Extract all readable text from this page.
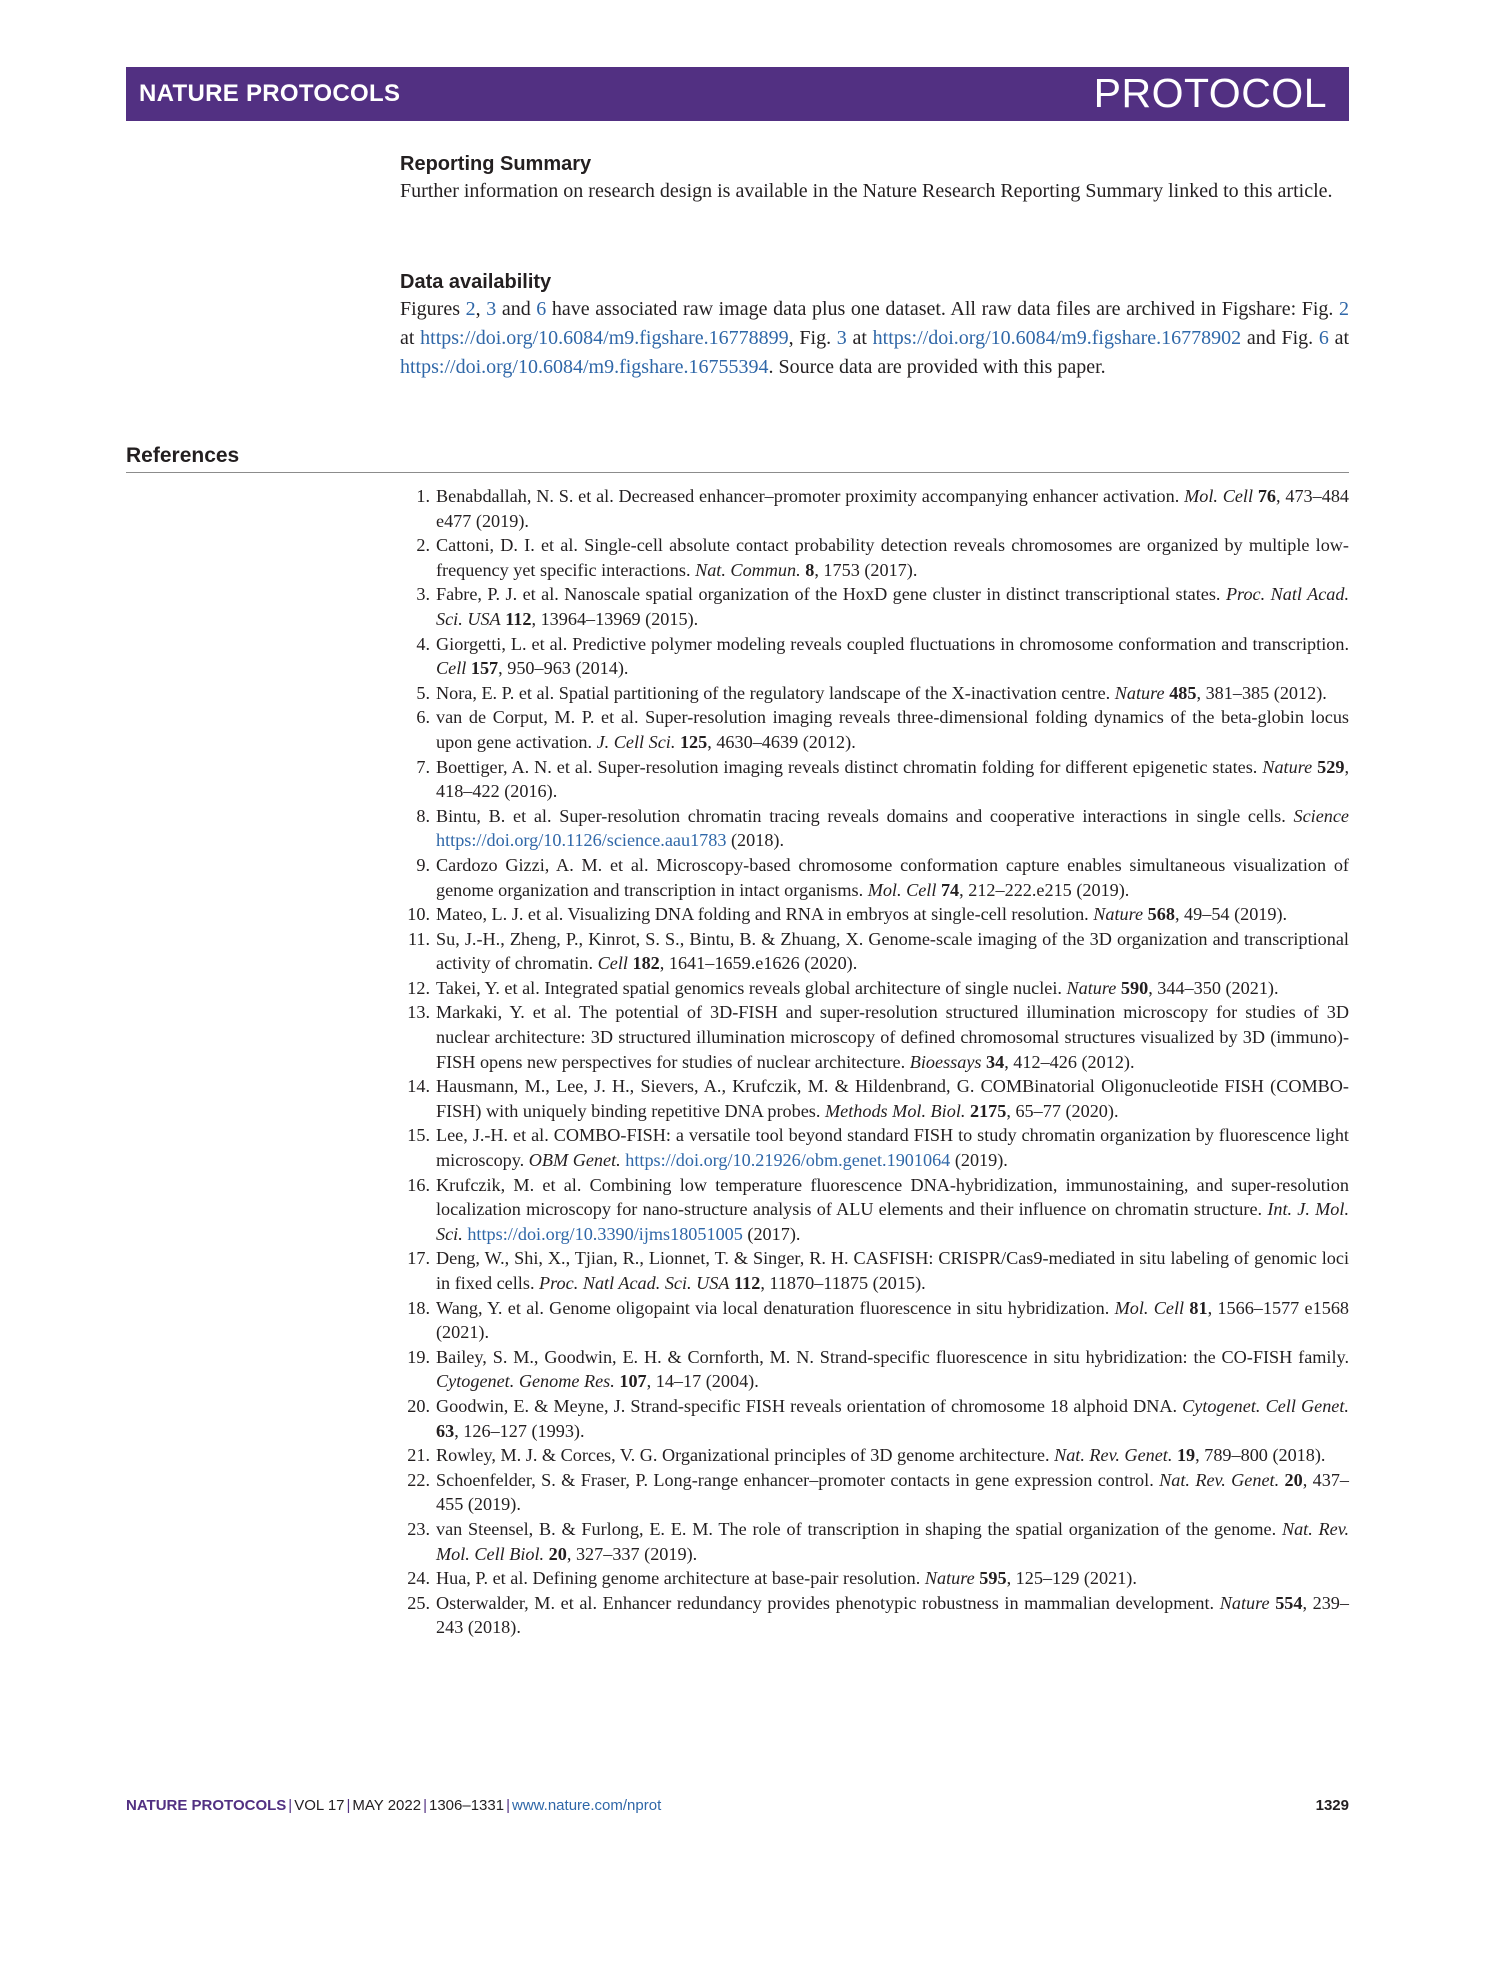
NATURE PROTOCOLS	PROTOCOL
Reporting Summary

Further information on research design is available in the Nature Research Reporting Summary linked to this article.

Data availability

Figures 2, 3 and 6 have associated raw image data plus one dataset. All raw data files are archived in Figshare: Fig. 2 at https://doi.org/10.6084/m9.figshare.16778899, Fig. 3 at https://doi.org/10.6084/m9.figshare.16778902 and Fig. 6 at https://doi.org/10.6084/m9.figshare.16755394. Source data are provided with this paper.

References
1. Benabdallah, N. S. et al. Decreased enhancer–promoter proximity accompanying enhancer activation. Mol. Cell 76, 473–484 e477 (2019).
2. Cattoni, D. I. et al. Single-cell absolute contact probability detection reveals chromosomes are organized by multiple low-frequency yet specific interactions. Nat. Commun. 8, 1753 (2017).
3. Fabre, P. J. et al. Nanoscale spatial organization of the HoxD gene cluster in distinct transcriptional states. Proc. Natl Acad. Sci. USA 112, 13964–13969 (2015).
4. Giorgetti, L. et al. Predictive polymer modeling reveals coupled fluctuations in chromosome conformation and transcription. Cell 157, 950–963 (2014).
5. Nora, E. P. et al. Spatial partitioning of the regulatory landscape of the X-inactivation centre. Nature 485, 381–385 (2012).
6. van de Corput, M. P. et al. Super-resolution imaging reveals three-dimensional folding dynamics of the beta-globin locus upon gene activation. J. Cell Sci. 125, 4630–4639 (2012).
7. Boettiger, A. N. et al. Super-resolution imaging reveals distinct chromatin folding for different epigenetic states. Nature 529, 418–422 (2016).
8. Bintu, B. et al. Super-resolution chromatin tracing reveals domains and cooperative interactions in single cells. Science https://doi.org/10.1126/science.aau1783 (2018).
9. Cardozo Gizzi, A. M. et al. Microscopy-based chromosome conformation capture enables simultaneous visualization of genome organization and transcription in intact organisms. Mol. Cell 74, 212–222.e215 (2019).
10. Mateo, L. J. et al. Visualizing DNA folding and RNA in embryos at single-cell resolution. Nature 568, 49–54 (2019).
11. Su, J.-H., Zheng, P., Kinrot, S. S., Bintu, B. & Zhuang, X. Genome-scale imaging of the 3D organization and transcriptional activity of chromatin. Cell 182, 1641–1659.e1626 (2020).
12. Takei, Y. et al. Integrated spatial genomics reveals global architecture of single nuclei. Nature 590, 344–350 (2021).
13. Markaki, Y. et al. The potential of 3D-FISH and super-resolution structured illumination microscopy for studies of 3D nuclear architecture: 3D structured illumination microscopy of defined chromosomal structures visualized by 3D (immuno)-FISH opens new perspectives for studies of nuclear architecture. Bioessays 34, 412–426 (2012).
14. Hausmann, M., Lee, J. H., Sievers, A., Krufczik, M. & Hildenbrand, G. COMBinatorial Oligonucleotide FISH (COMBO-FISH) with uniquely binding repetitive DNA probes. Methods Mol. Biol. 2175, 65–77 (2020).
15. Lee, J.-H. et al. COMBO-FISH: a versatile tool beyond standard FISH to study chromatin organization by fluorescence light microscopy. OBM Genet. https://doi.org/10.21926/obm.genet.1901064 (2019).
16. Krufczik, M. et al. Combining low temperature fluorescence DNA-hybridization, immunostaining, and super-resolution localization microscopy for nano-structure analysis of ALU elements and their influence on chromatin structure. Int. J. Mol. Sci. https://doi.org/10.3390/ijms18051005 (2017).
17. Deng, W., Shi, X., Tjian, R., Lionnet, T. & Singer, R. H. CASFISH: CRISPR/Cas9-mediated in situ labeling of genomic loci in fixed cells. Proc. Natl Acad. Sci. USA 112, 11870–11875 (2015).
18. Wang, Y. et al. Genome oligopaint via local denaturation fluorescence in situ hybridization. Mol. Cell 81, 1566–1577 e1568 (2021).
19. Bailey, S. M., Goodwin, E. H. & Cornforth, M. N. Strand-specific fluorescence in situ hybridization: the CO-FISH family. Cytogenet. Genome Res. 107, 14–17 (2004).
20. Goodwin, E. & Meyne, J. Strand-specific FISH reveals orientation of chromosome 18 alphoid DNA. Cytogenet. Cell Genet. 63, 126–127 (1993).
21. Rowley, M. J. & Corces, V. G. Organizational principles of 3D genome architecture. Nat. Rev. Genet. 19, 789–800 (2018).
22. Schoenfelder, S. & Fraser, P. Long-range enhancer–promoter contacts in gene expression control. Nat. Rev. Genet. 20, 437–455 (2019).
23. van Steensel, B. & Furlong, E. E. M. The role of transcription in shaping the spatial organization of the genome. Nat. Rev. Mol. Cell Biol. 20, 327–337 (2019).
24. Hua, P. et al. Defining genome architecture at base-pair resolution. Nature 595, 125–129 (2021).
25. Osterwalder, M. et al. Enhancer redundancy provides phenotypic robustness in mammalian development. Nature 554, 239–243 (2018).
NATURE PROTOCOLS | VOL 17 | MAY 2022 | 1306–1331 | www.nature.com/nprot	1329
